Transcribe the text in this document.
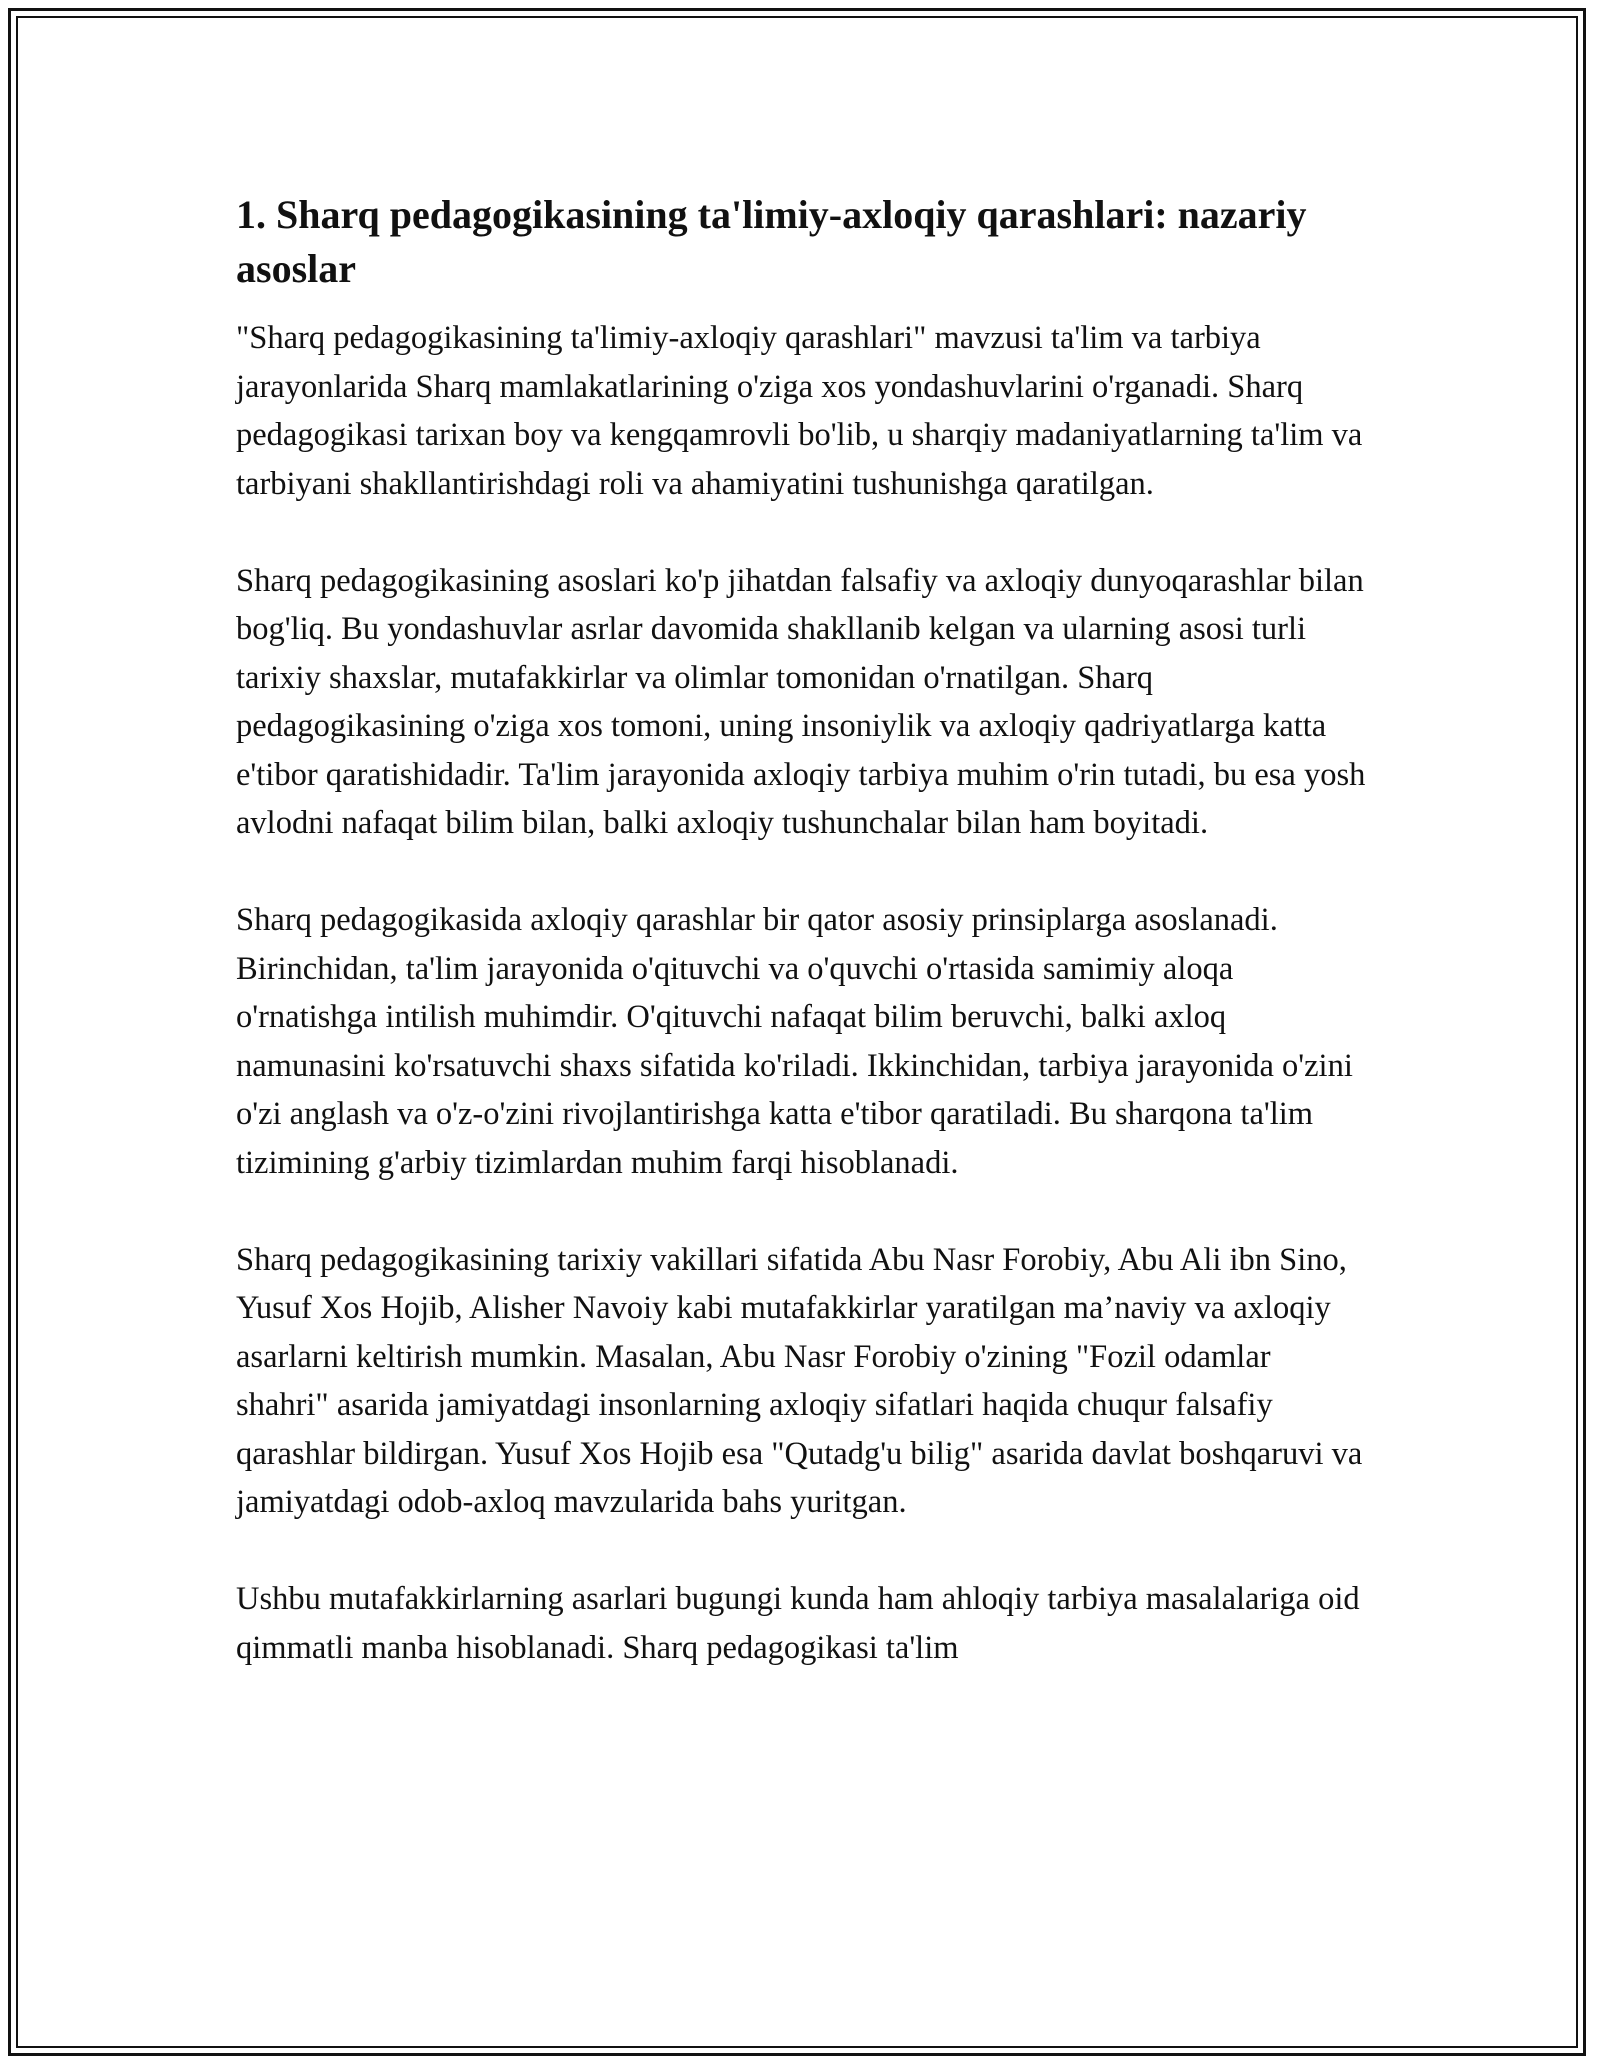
1. Sharq pedagogikasining ta'limiy-axloqiy qarashlari: nazariy asoslar

"Sharq pedagogikasining ta'limiy-axloqiy qarashlari" mavzusi ta'lim va tarbiya jarayonlarida Sharq mamlakatlarining o'ziga xos yondashuvlarini o'rganadi. Sharq pedagogikasi tarixan boy va kengqamrovli bo'lib, u sharqiy madaniyatlarning ta'lim va tarbiyani shakllantirishdagi roli va ahamiyatini tushunishga qaratilgan.

Sharq pedagogikasining asoslari ko'p jihatdan falsafiy va axloqiy dunyoqarashlar bilan bog'liq. Bu yondashuvlar asrlar davomida shakllanib kelgan va ularning asosi turli tarixiy shaxslar, mutafakkirlar va olimlar tomonidan o'rnatilgan. Sharq pedagogikasining o'ziga xos tomoni, uning insoniylik va axloqiy qadriyatlarga katta e'tibor qaratishidadir. Ta'lim jarayonida axloqiy tarbiya muhim o'rin tutadi, bu esa yosh avlodni nafaqat bilim bilan, balki axloqiy tushunchalar bilan ham boyitadi.

Sharq pedagogikasida axloqiy qarashlar bir qator asosiy prinsiplarga asoslanadi. Birinchidan, ta'lim jarayonida o'qituvchi va o'quvchi o'rtasida samimiy aloqa o'rnatishga intilish muhimdir. O'qituvchi nafaqat bilim beruvchi, balki axloq namunasini ko'rsatuvchi shaxs sifatida ko'riladi. Ikkinchidan, tarbiya jarayonida o'zini o'zi anglash va o'z-o'zini rivojlantirishga katta e'tibor qaratiladi. Bu sharqona ta'lim tizimining g'arbiy tizimlardan muhim farqi hisoblanadi.

Sharq pedagogikasining tarixiy vakillari sifatida Abu Nasr Forobiy, Abu Ali ibn Sino, Yusuf Xos Hojib, Alisher Navoiy kabi mutafakkirlar yaratilgan ma’naviy va axloqiy asarlarni keltirish mumkin. Masalan, Abu Nasr Forobiy o'zining "Fozil odamlar shahri" asarida jamiyatdagi insonlarning axloqiy sifatlari haqida chuqur falsafiy qarashlar bildirgan. Yusuf Xos Hojib esa "Qutadg'u bilig" asarida davlat boshqaruvi va jamiyatdagi odob-axloq mavzularida bahs yuritgan.

Ushbu mutafakkirlarning asarlari bugungi kunda ham ahloqiy tarbiya masalalariga oid qimmatli manba hisoblanadi. Sharq pedagogikasi ta'lim
